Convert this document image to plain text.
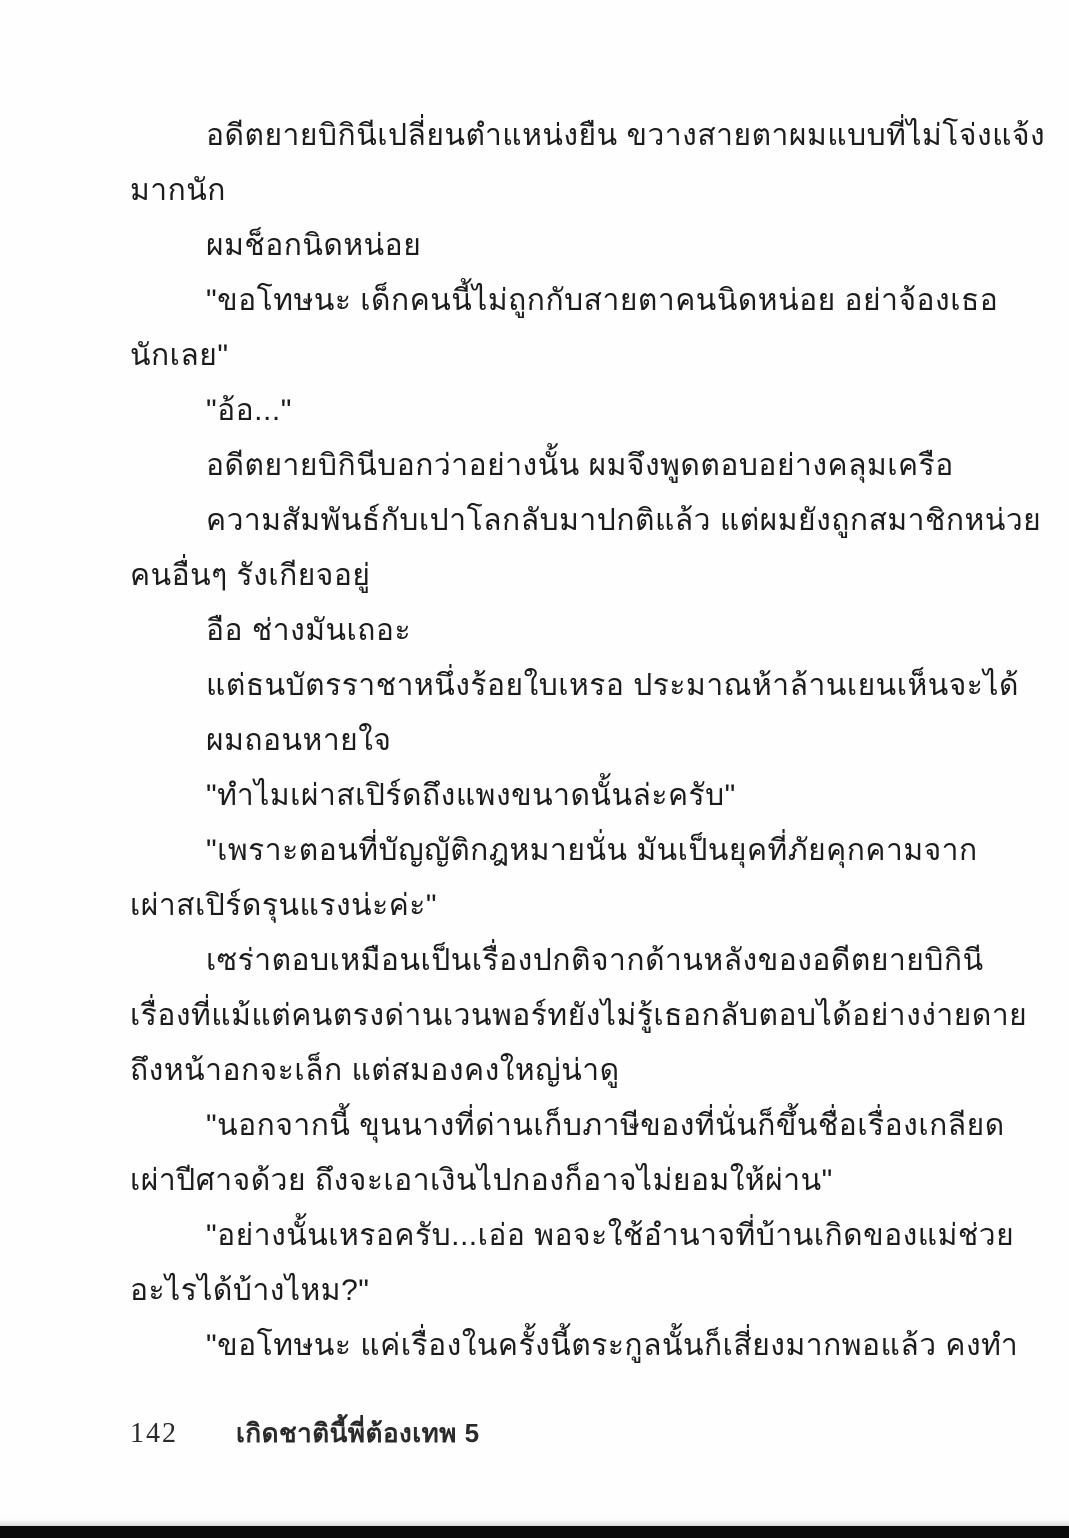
อดีตยายบิกินีเปลี่ยนตำแหน่งยืน ขวางสายตาผมแบบที่ไม่โจ่งแจ้ง
มากนัก
ผมช็อกนิดหน่อย
"ขอโทษนะ เด็กคนนี้ไม่ถูกกับสายตาคนนิดหน่อย อย่าจ้องเธอ
นักเลย"
"อ้อ..."
อดีตยายบิกินีบอกว่าอย่างนั้น ผมจึงพูดตอบอย่างคลุมเครือ
ความสัมพันธ์กับเปาโลกลับมาปกติแล้ว แต่ผมยังถูกสมาชิกหน่วย
คนอื่นๆ รังเกียจอยู่
อือ ช่างมันเถอะ
แต่ธนบัตรราชาหนึ่งร้อยใบเหรอ ประมาณห้าล้านเยนเห็นจะได้
ผมถอนหายใจ
"ทำไมเผ่าสเปิร์ดถึงแพงขนาดนั้นล่ะครับ"
"เพราะตอนที่บัญญัติกฎหมายนั่น มันเป็นยุคที่ภัยคุกคามจาก
เผ่าสเปิร์ดรุนแรงน่ะค่ะ"
เซร่าตอบเหมือนเป็นเรื่องปกติจากด้านหลังของอดีตยายบิกินี
เรื่องที่แม้แต่คนตรงด่านเวนพอร์ทยังไม่รู้เธอกลับตอบได้อย่างง่ายดาย
ถึงหน้าอกจะเล็ก แต่สมองคงใหญ่น่าดู
"นอกจากนี้ ขุนนางที่ด่านเก็บภาษีของที่นั่นก็ขึ้นชื่อเรื่องเกลียด
เผ่าปีศาจด้วย ถึงจะเอาเงินไปกองก็อาจไม่ยอมให้ผ่าน"
"อย่างนั้นเหรอครับ...เอ่อ พอจะใช้อำนาจที่บ้านเกิดของแม่ช่วย
อะไรได้บ้างไหม?"
"ขอโทษนะ แค่เรื่องในครั้งนี้ตระกูลนั้นก็เสี่ยงมากพอแล้ว คงทำ
142 เกิดชาตินี้พี่ต้องเทพ 5
